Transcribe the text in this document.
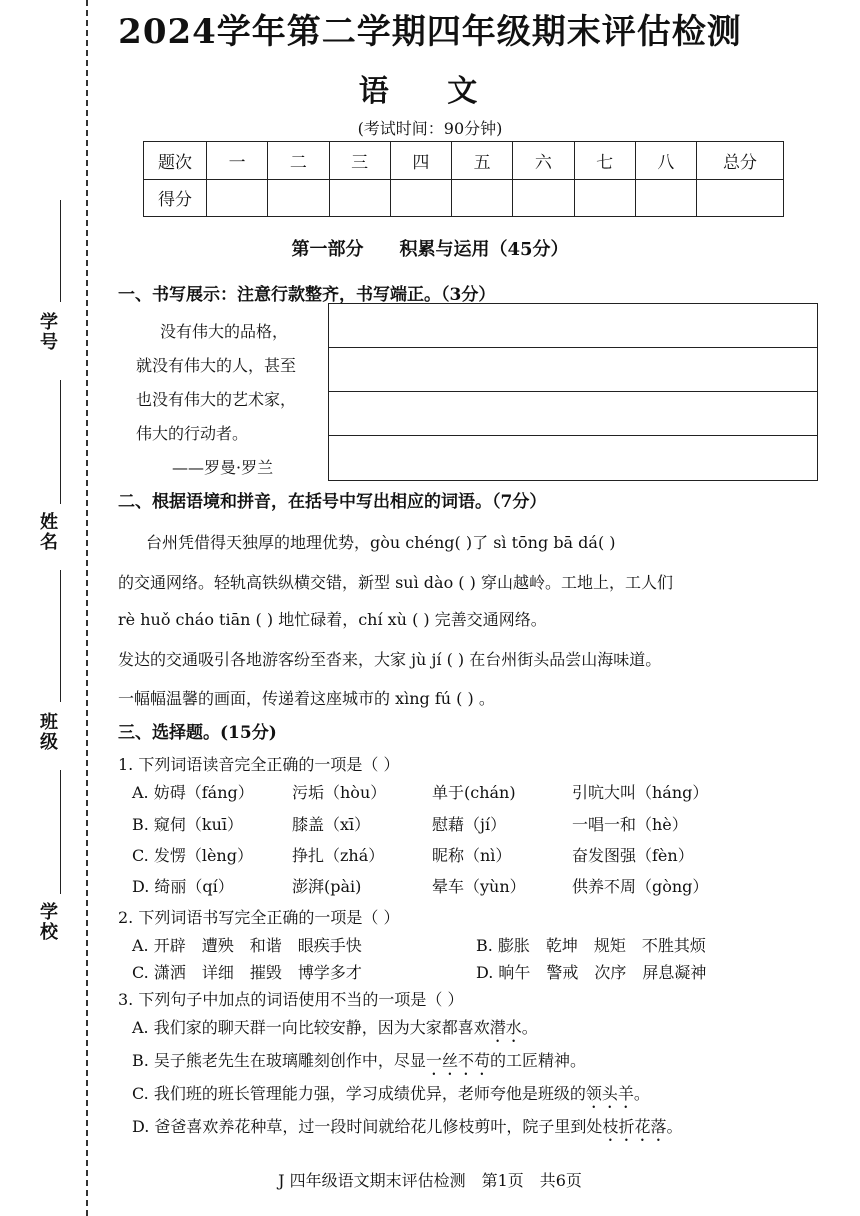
学号
姓名
班级
学校
2024学年第二学期四年级期末评估检测
语 文
(考试时间：90分钟)
题次	一	二	三	四	五	六	七	八	总分
得分									
第一部分 积累与运用（45分）
一、书写展示：注意行款整齐，书写端正。（3分）
没有伟大的品格，
就没有伟大的人，甚至
也没有伟大的艺术家，
伟大的行动者。
——罗曼·罗兰
二、根据语境和拼音，在括号中写出相应的词语。（7分）
台州凭借得天独厚的地理优势，gòu chéng( )了 sì tōng bā dá( )
的交通网络。轻轨高铁纵横交错，新型 suì dào ( ) 穿山越岭。工地上，工人们
rè huǒ cháo tiān ( ) 地忙碌着，chí xù ( ) 完善交通网络。
发达的交通吸引各地游客纷至沓来，大家 jù jí ( ) 在台州街头品尝山海味道。
一幅幅温馨的画面，传递着这座城市的 xìng fú ( ) 。
三、选择题。(15分)
1. 下列词语读音完全正确的一项是（ ）
A. 妨碍（fáng） 污垢（hòu）	单于(chán)	引吭大叫（háng）
B. 窥伺（kuī）	膝盖（xī）	慰藉（jí）	一唱一和（hè）
C. 发愣（lèng） 挣扎（zhá）	昵称（nì）	奋发图强（fèn）
D. 绮丽（qí）	澎湃(pài)	晕车（yùn）	供养不周（gòng）
2. 下列词语书写完全正确的一项是（ ）
A. 开辟　遭殃　和谐　眼疾手快	B. 膨胀　乾坤　规矩　不胜其烦
C. 潇洒　详细　摧毁　博学多才	D. 晌午　警戒　次序　屏息凝神
3. 下列句子中加点的词语使用不当的一项是（ ）
A. 我们家的聊天群一向比较安静，因为大家都喜欢潜水。
B. 吴子熊老先生在玻璃雕刻创作中，尽显一丝不苟的工匠精神。
C. 我们班的班长管理能力强，学习成绩优异，老师夸他是班级的领头羊。
D. 爸爸喜欢养花种草，过一段时间就给花儿修枝剪叶，院子里到处枝折花落。
J 四年级语文期末评估检测　第1页　共6页
